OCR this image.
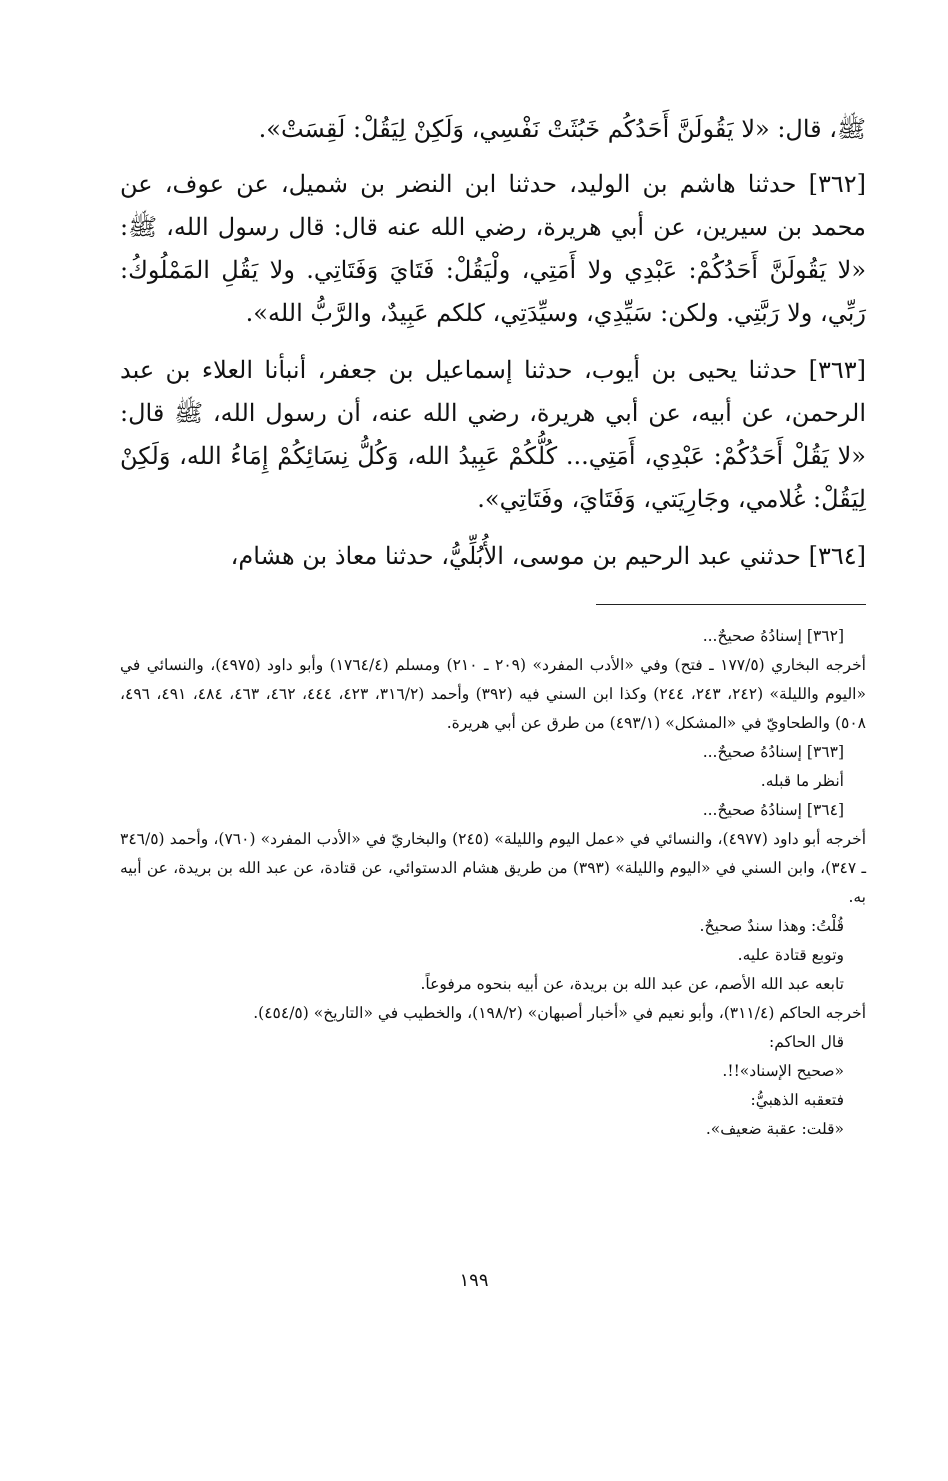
ﷺ، قال: «لا يَقُولَنَّ أَحَدُكُم خَبُثَتْ نَفْسِي، وَلَكِنْ لِيَقُلْ: لَقِسَتْ».

[٣٦٢] حدثنا هاشم بن الوليد، حدثنا ابن النضر بن شميل، عن عوف، عن محمد بن سيرين، عن أبي هريرة، رضي الله عنه قال: قال رسول الله، ﷺ: «لا يَقُولَنَّ أَحَدُكُمْ: عَبْدِي ولا أَمَتِي، ولْيَقُلْ: فَتَايَ وَفَتَاتِي. ولا يَقُلِ المَمْلُوكُ: رَبِّي، ولا رَبَّتِي. ولكن: سَيِّدِي، وسيِّدَتِي، كلكم عَبِيدٌ، والرَّبُّ الله».

[٣٦٣] حدثنا يحيى بن أيوب، حدثنا إسماعيل بن جعفر، أنبأنا العلاء بن عبد الرحمن، عن أبيه، عن أبي هريرة، رضي الله عنه، أن رسول الله، ﷺ قال: «لا يَقُلْ أَحَدُكُمْ: عَبْدِي، أَمَتِي... كُلُّكُمْ عَبِيدُ الله، وَكُلُّ نِسَائِكُمْ إِمَاءُ الله، وَلَكِنْ لِيَقُلْ: غُلامي، وجَارِيَتي، وَفَتَايَ، وفَتَاتِي».

[٣٦٤] حدثني عبد الرحيم بن موسى، الأُبُلِّيُّ، حدثنا معاذ بن هشام،

[٣٦٢] إسنادُهُ صحيحٌ...

أخرجه البخاري (١٧٧/٥ ـ فتح) وفي «الأدب المفرد» (٢٠٩ ـ ٢١٠) ومسلم (١٧٦٤/٤) وأبو داود (٤٩٧٥)، والنسائي في «اليوم والليلة» (٢٤٢، ٢٤٣، ٢٤٤) وكذا ابن السني فيه (٣٩٢) وأحمد (٣١٦/٢، ٤٢٣، ٤٤٤، ٤٦٢، ٤٦٣، ٤٨٤، ٤٩١، ٤٩٦، ٥٠٨) والطحاويّ في «المشكل» (٤٩٣/١) من طرق عن أبي هريرة.

[٣٦٣] إسنادُهُ صحيحٌ...

أنظر ما قبله.

[٣٦٤] إسنادُهُ صحيحٌ...

أخرجه أبو داود (٤٩٧٧)، والنسائي في «عمل اليوم والليلة» (٢٤٥) والبخاريّ في «الأدب المفرد» (٧٦٠)، وأحمد (٣٤٦/٥ ـ ٣٤٧)، وابن السني في «اليوم والليلة» (٣٩٣) من طريق هشام الدستوائي، عن قتادة، عن عبد الله بن بريدة، عن أبيه به.

قُلْتُ: وهذا سندٌ صحيحٌ.

وتوبع قتادة عليه.

تابعه عبد الله الأصم، عن عبد الله بن بريدة، عن أبيه بنحوه مرفوعاً.

أخرجه الحاكم (٣١١/٤)، وأبو نعيم في «أخبار أصبهان» (١٩٨/٢)، والخطيب في «التاريخ» (٤٥٤/٥).

قال الحاكم:

«صحيح الإسناد»!!.

فتعقبه الذهبيُّ:

«قلت: عقبة ضعيف».

١٩٩
